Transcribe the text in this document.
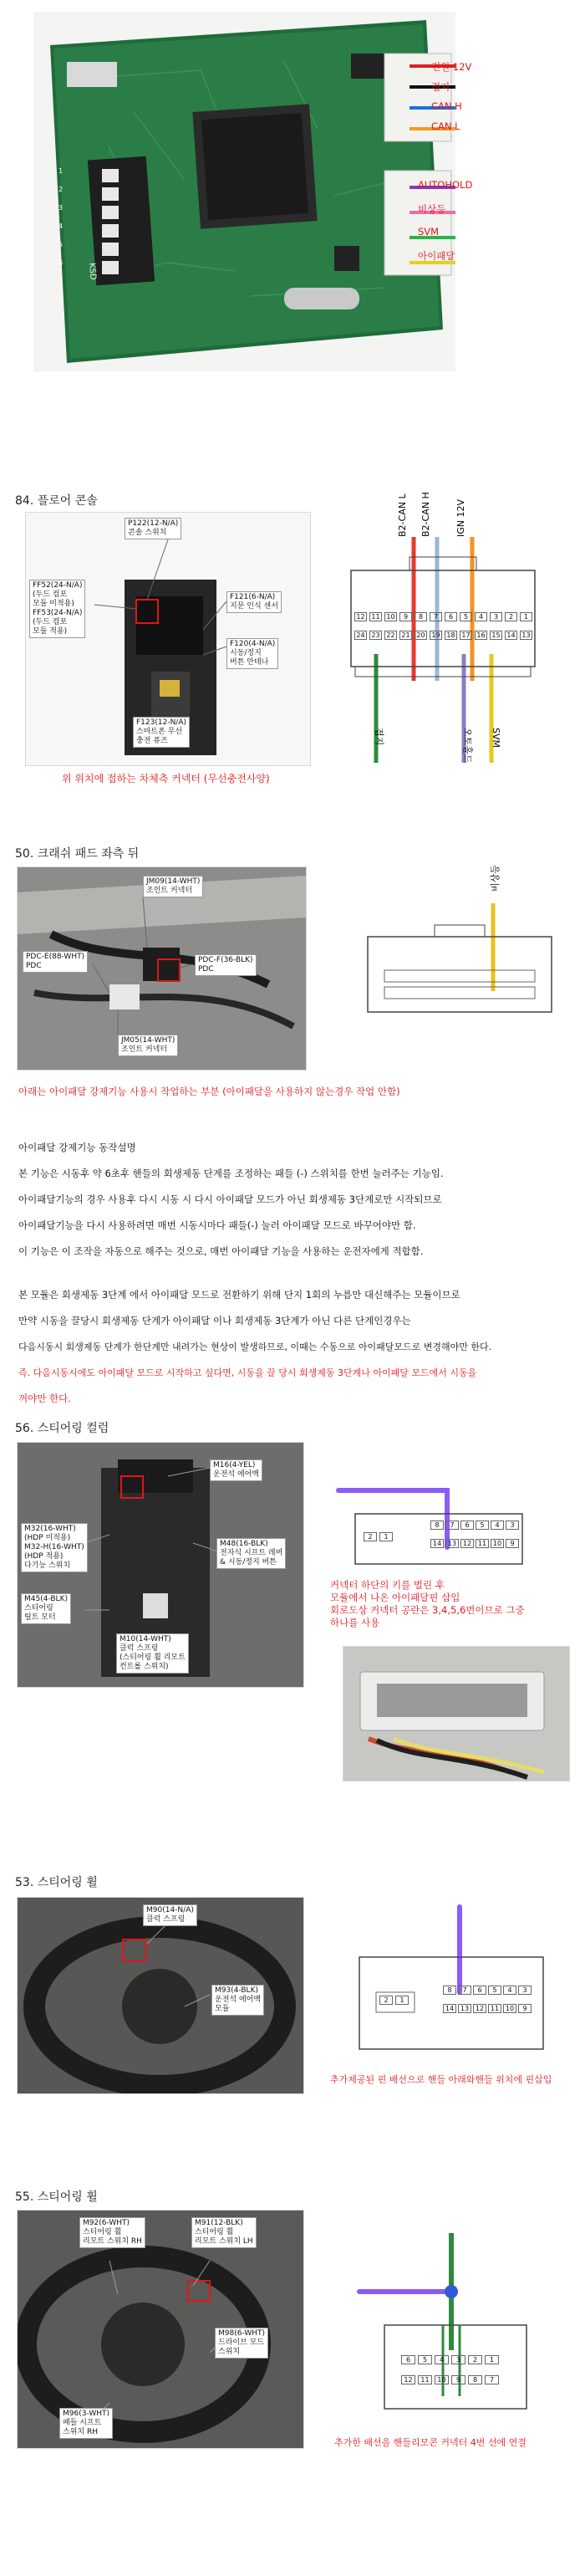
KSD
전원 12V
접지
CAN H
CAN L
AUTOHOLD
비상등
SVM
아이패달
1
2
3
4
5
6
84. 플로어 콘솔
P122(12-N/A)
콘솔 스위치
FF52(24-N/A)
(두드 컴포
모듈 미적용)
FF53(24-N/A)
(두드 컴포
모듈 적용)
F121(6-N/A)
지문 인식 센서
F120(4-N/A)
시동/정지
버튼 안테나
F123(12-N/A)
스마트폰 무선
충전 퓨즈
위 위치에 접하는 차체측 커넥터 (무선충전사양)
B2-CAN L B2-CAN H	IGN 12V
12 11 10	9	8	7	6	5	4	3	2	1
24 23 22 21 20 19 18 17 16 15 14 13
접지	오토홀드 SVM
50. 크래쉬 패드 좌측 뒤
JM09(14-WHT)
조인트 커넥터
PDC-E(88-WHT)
PDC
PDC-F(36-BLK)
PDC
JM05(14-WHT)
조인트 커넥터
비상등
아래는 아이패달 강제기능 사용시 작업하는 부분 (아이패달을 사용하지 않는경우 작업 안함)
아이패달 강제기능 동작설명
본 기능은 시동후 약 6초후 핸들의 회생제동 단계를 조정하는 패들 (-) 스위치를 한번 눌러주는 기능임.
아이패달기능의 경우 사용후 다시 시동 시 다시 아이패달 모드가 아닌 회생제동 3단계로만 시작되므로
아이패달기능을 다시 사용하려면 매번 시동시마다 패들(-) 눌러 아이패달 모드로 바꾸어야만 함.
이 기능은 이 조작을 자동으로 해주는 것으로, 매번 아이패달 기능을 사용하는 운전자에게 적합함.
본 모듈은 회생제동 3단계 에서 아이패달 모드로 전환하기 위해 단지 1회의 누름만 대신해주는 모듈이므로
만약 시동을 끌당시 회생제동 단계가 아이패달 이나 회생제동 3단계가 아닌 다른 단계인경우는
다음시동시 회생제동 단계가 한단계만 내려가는 현상이 발생하므로, 이때는 수동으로 아이패달모드로 변경해야만 한다.
즉. 다음시동시에도 아이패달 모드로 시작하고 싶다면, 시동을 끌 당시 회생제동 3단계나 아이패달 모드에서 시동을
꺼야만 한다.
56. 스티어링 컬럼
M16(4-YEL)
운전석 에어백
M32(16-WHT)
(HDP 미적용)
M32-H(16-WHT)
(HDP 적용)
다기능 스위치
M48(16-BLK)
전자식 시프트 레버
& 시동/정지 버튼
M45(4-BLK)
스티어링
틸트 모터
M10(14-WHT)
클럭 스프링
(스티어링 휠 리모트
컨트롤 스위치)
2	1
8	7	6	5	4	3
14 13 12 11 10	9
커넥터 하단의 키를 벌린 후
모듈에서 나온 아이패달핀 삽입
회로도상 커넥터 공란은 3,4,5,6번이므로 그중
하나를 사용
53. 스티어링 휠
M90(14-N/A)
클럭 스프링
M93(4-BLK)
운전석 에어백
모듈
2	1
8	7	6	5	4	3
14 13 12 11 10	9
추가제공된 핀 배선으로 핸들 아래와핸들 위치에 핀삽입
55. 스티어링 휠
M92(6-WHT)
스티어링 휠
리모트 스위치 RH
M91(12-BLK)
스티어링 휠
리모트 스위치 LH
M98(6-WHT)
드라이브 모드
스위치
M96(3-WHT)
패들 시프트
스위치 RH
6	5	4	3	2	1
12	11	10	9	8	7
추가한 배선을 핸들리모콘 커넥터 4번 선에 연결
